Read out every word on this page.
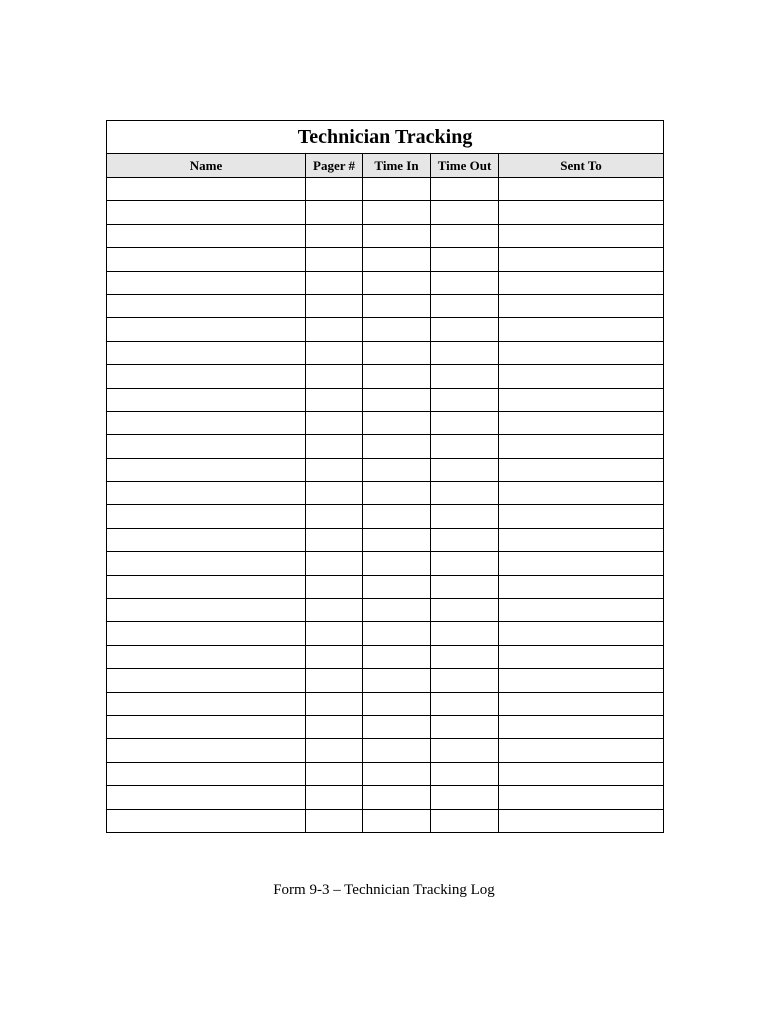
Technician Tracking				
Name	Pager #	Time In	Time Out	Sent To

Form 9-3 – Technician Tracking Log
